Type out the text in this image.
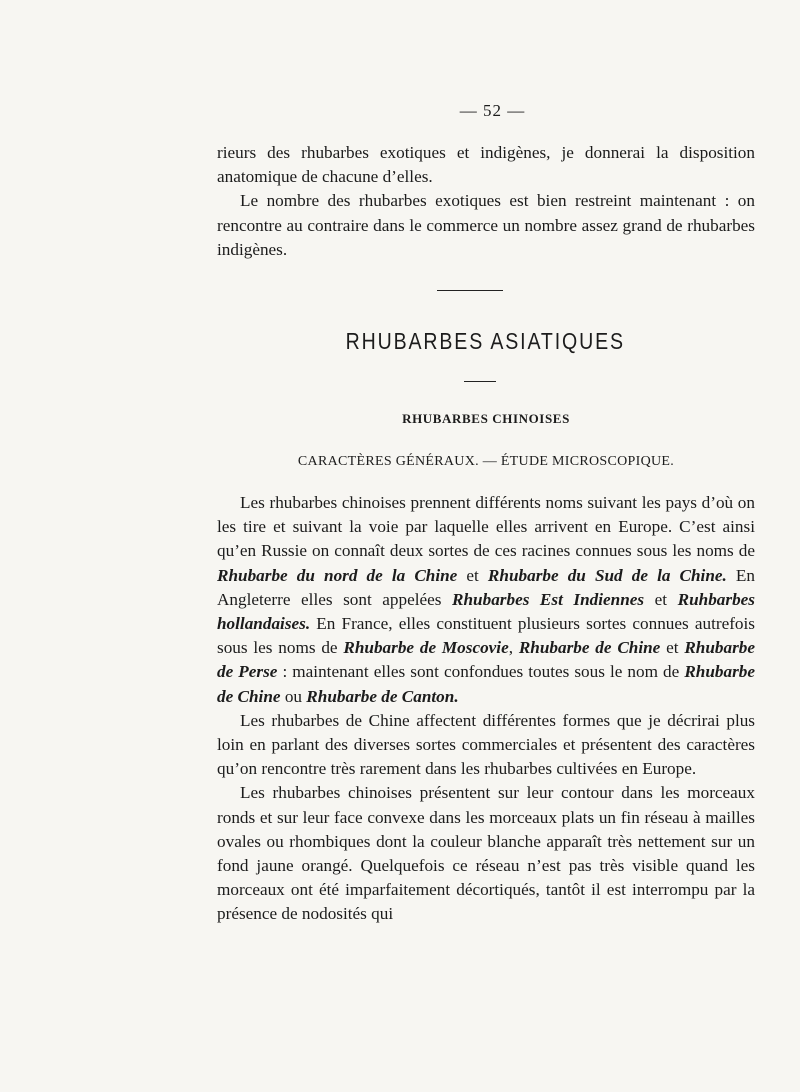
— 52 —

rieurs des rhubarbes exotiques et indigènes, je donnerai la disposition anatomique de chacune d’elles.

Le nombre des rhubarbes exotiques est bien restreint maintenant : on rencontre au contraire dans le commerce un nombre assez grand de rhubarbes indigènes.

RHUBARBES ASIATIQUES
RHUBARBES CHINOISES
CARACTÈRES GÉNÉRAUX. — ÉTUDE MICROSCOPIQUE.

Les rhubarbes chinoises prennent différents noms suivant les pays d’où on les tire et suivant la voie par laquelle elles arrivent en Europe. C’est ainsi qu’en Russie on connaît deux sortes de ces racines connues sous les noms de Rhubarbe du nord de la Chine et Rhubarbe du Sud de la Chine. En Angleterre elles sont appelées Rhubarbes Est Indiennes et Ruhbarbes hollandaises. En France, elles constituent plusieurs sortes connues autrefois sous les noms de Rhubarbe de Moscovie, Rhubarbe de Chine et Rhubarbe de Perse : maintenant elles sont confondues toutes sous le nom de Rhubarbe de Chine ou Rhubarbe de Canton.

Les rhubarbes de Chine affectent différentes formes que je décrirai plus loin en parlant des diverses sortes commerciales et présentent des caractères qu’on rencontre très rarement dans les rhubarbes cultivées en Europe.

Les rhubarbes chinoises présentent sur leur contour dans les morceaux ronds et sur leur face convexe dans les morceaux plats un fin réseau à mailles ovales ou rhombiques dont la couleur blanche apparaît très nettement sur un fond jaune orangé. Quelquefois ce réseau n’est pas très visible quand les morceaux ont été imparfaitement décortiqués, tantôt il est interrompu par la présence de nodosités qui
